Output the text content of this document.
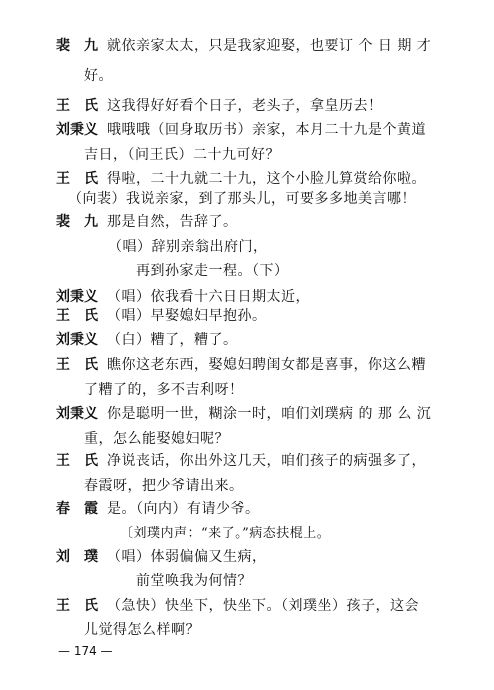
裴　九 就依亲家太太，只是我家迎娶，也要订 个 日 期 才
好。
王　氏 这我得好好看个日子，老头子，拿皇历去！
刘秉义 哦哦哦（回身取历书）亲家，本月二十九是个黄道
吉日，（问王氏）二十九可好？
王　氏 得啦，二十九就二十九，这个小脸儿算赏给你啦。
（向裴）我说亲家，到了那头儿，可要多多地美言哪！
裴　九 那是自然，告辞了。
（唱）辞别亲翁出府门，
再到孙家走一程。（下）
刘秉义 （唱）依我看十六日日期太近，
王　氏 （唱）早娶媳妇早抱孙。
刘秉义 （白）糟了，糟了。
王　氏 瞧你这老东西，娶媳妇聘闺女都是喜事，你这么糟
了糟了的，多不吉利呀！
刘秉义 你是聪明一世，糊涂一时，咱们刘璞病 的 那 么 沉
重，怎么能娶媳妇呢？
王　氏 净说丧话，你出外这几天，咱们孩子的病强多了，
春霞呀，把少爷请出来。
春　霞 是。（向内）有请少爷。
〔刘璞内声：“来了。”病态扶棍上。
刘　璞 （唱）体弱偏偏又生病，
前堂唤我为何情？
王　氏 （急快）快坐下，快坐下。（刘璞坐）孩子，这会
儿觉得怎么样啊？
— 174 —
